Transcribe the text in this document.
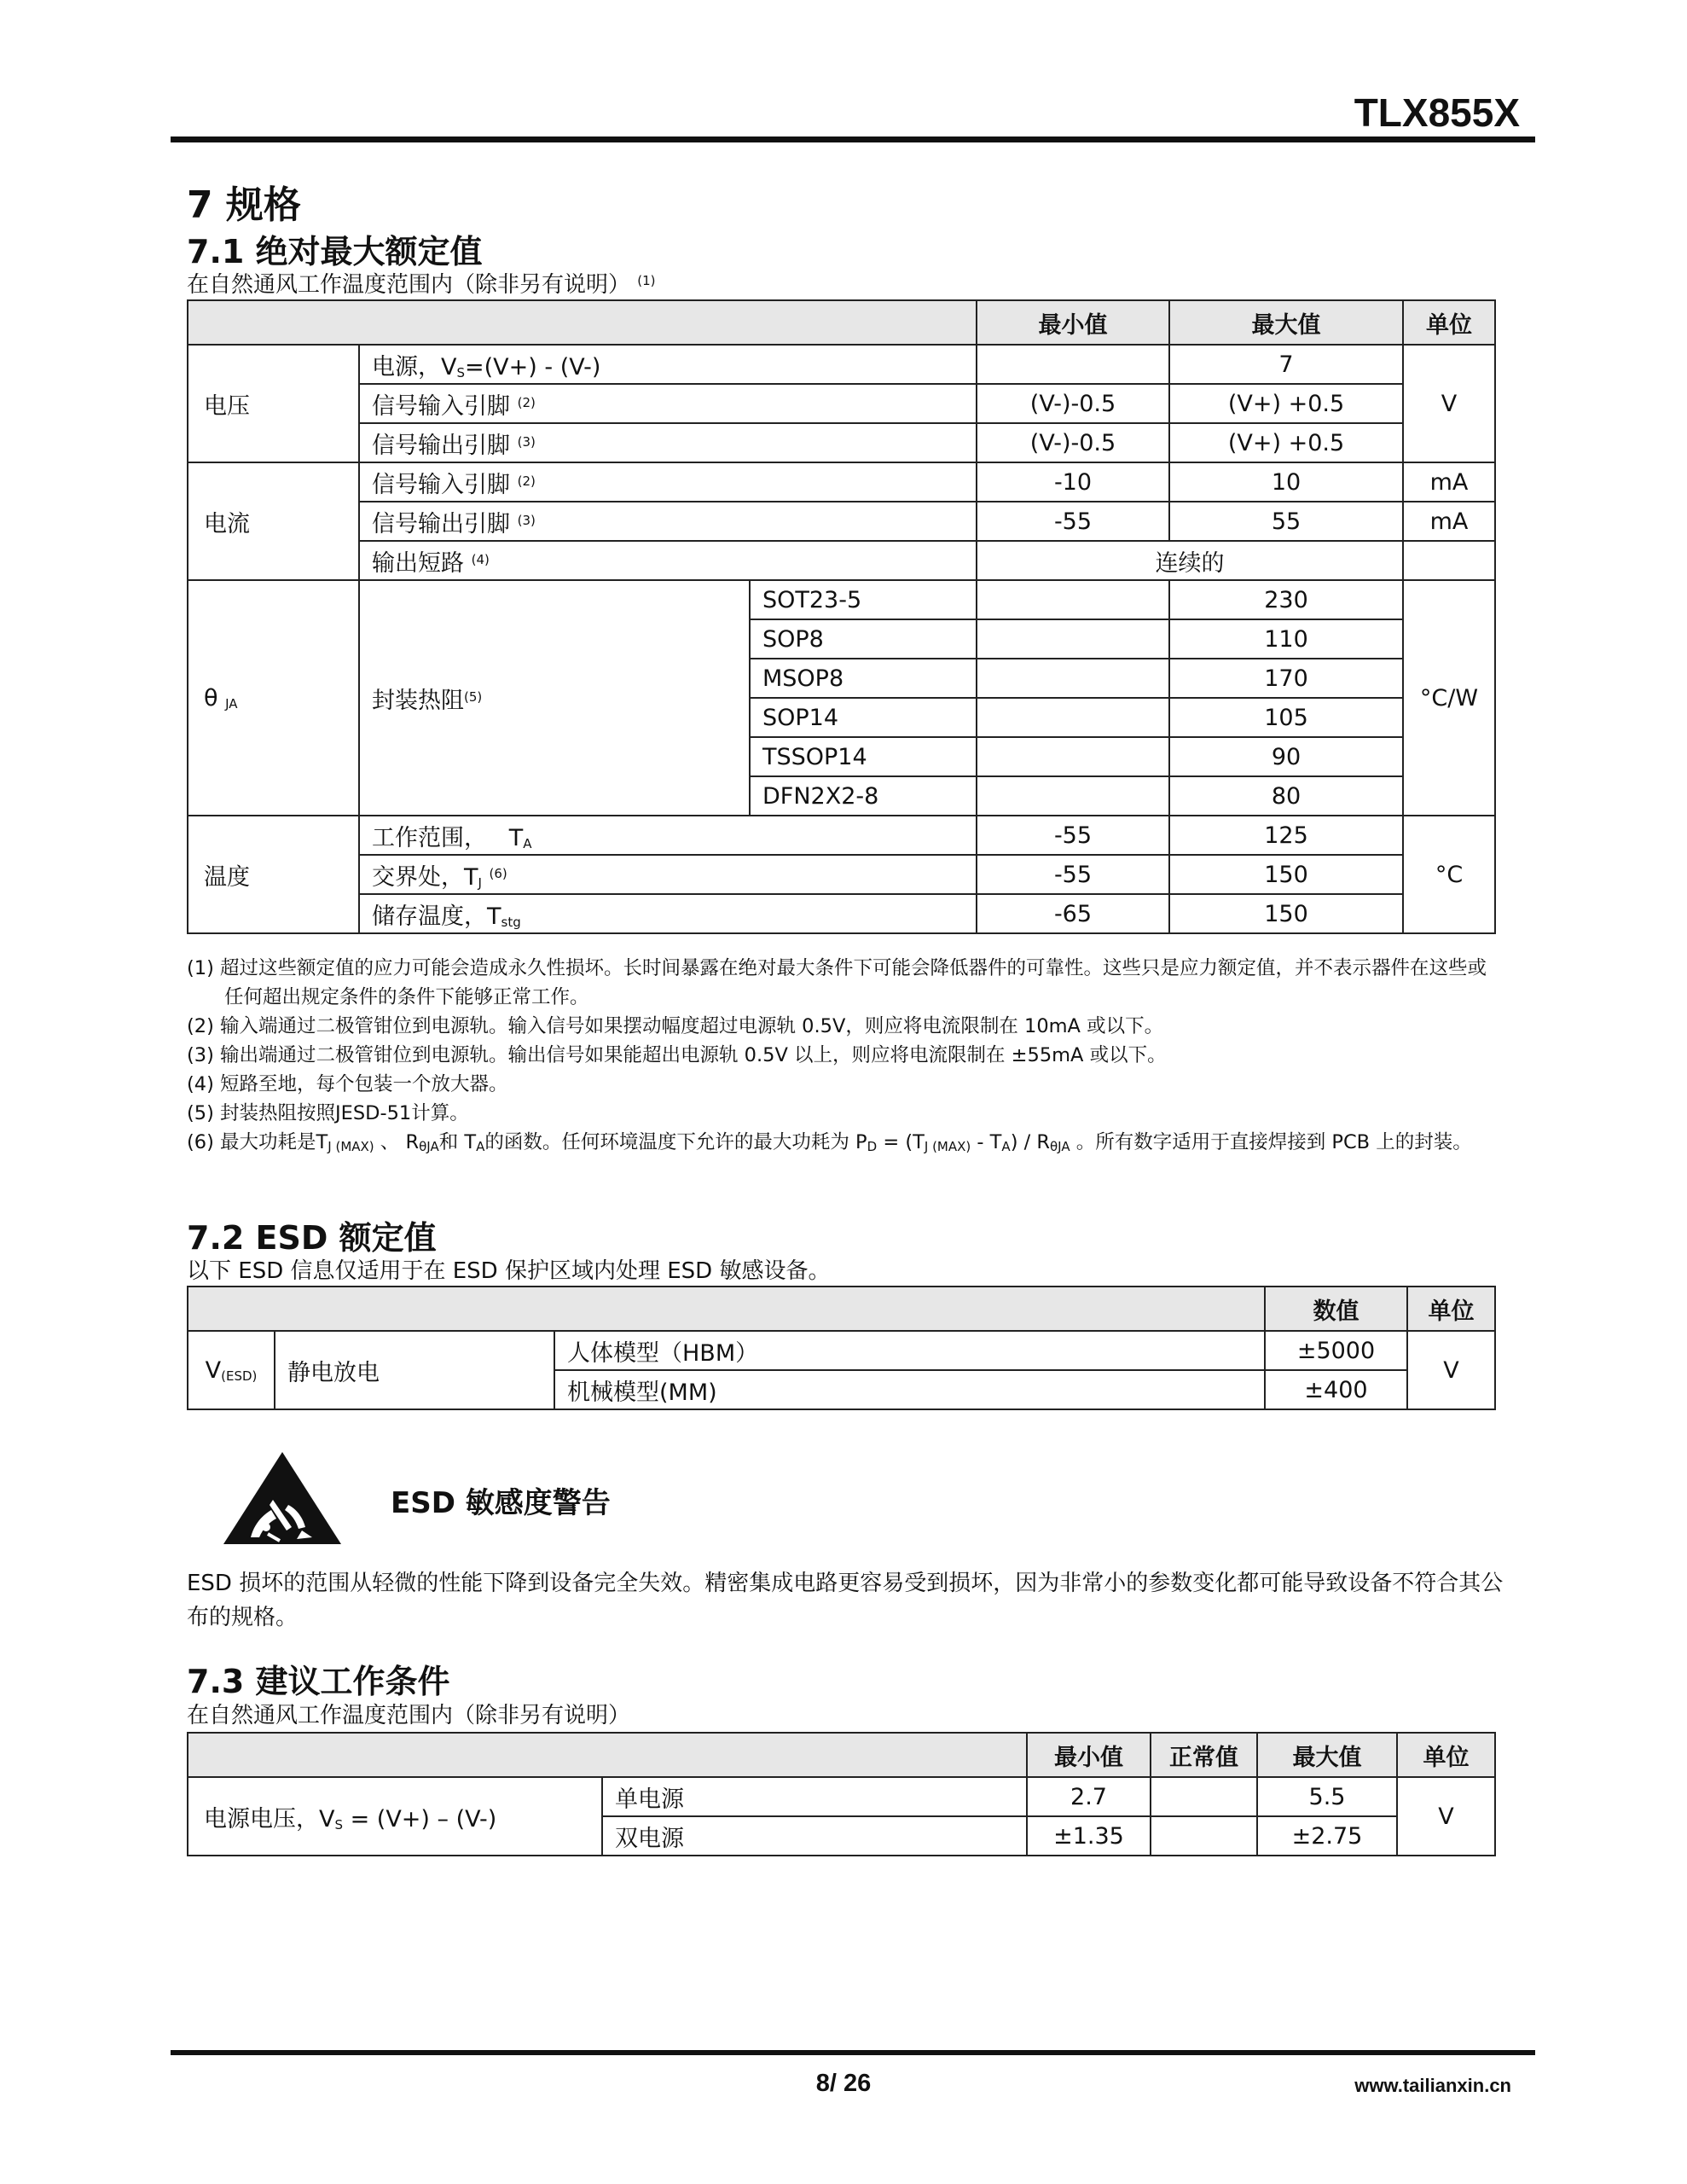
TLX855X
7 规格
7.1 绝对最大额定值
在自然通风工作温度范围内（除非另有说明） $^{(1)}$
			最小值	最大值	单位
电压	电源，$V_S=(V+) - (V-)$			7	V
	信号输入引脚 $^{(2)}$		(V-)-0.5	(V+) +0.5	
	信号输出引脚 $^{(3)}$		(V-)-0.5	(V+) +0.5	
电流	信号输入引脚 $^{(2)}$		-10	10	mA
	信号输出引脚 $^{(3)}$		-55	55	mA
	输出短路 $^{(4)}$		连续的		
θ $_{JA}$	封装热阻$^{(5)}$	SOT23-5		230	°C/W
		SOP8		110	
		MSOP8		170	
		SOP14		105	
		TSSOP14		90	
		DFN2X2-8		80	
温度	工作范围， $T_A$		-55	125	°C
	交界处，$T_J$ $^{(6)}$		-55	150	
	储存温度，$T_{stg}$		-65	150	
(1) 超过这些额定值的应力可能会造成永久性损坏。长时间暴露在绝对最大条件下可能会降低器件的可靠性。这些只是应力额定值，并不表示器件在这些或任何超出规定条件的条件下能够正常工作。
(2) 输入端通过二极管钳位到电源轨。输入信号如果摆动幅度超过电源轨 0.5V，则应将电流限制在 10mA 或以下。
(3) 输出端通过二极管钳位到电源轨。输出信号如果能超出电源轨 0.5V 以上，则应将电流限制在 ±55mA 或以下。
(4) 短路至地，每个包装一个放大器。
(5) 封装热阻按照JESD-51计算。
(6) 最大功耗是$T_{J (MAX)}$ 、 $R_{\theta JA}$和 $T_A$的函数。任何环境温度下允许的最大功耗为 $P_D = (T_{J (MAX)} - T_A) / R_{\theta JA}$ 。所有数字适用于直接焊接到 PCB 上的封装。
7.2 ESD 额定值
以下 ESD 信息仅适用于在 ESD 保护区域内处理 ESD 敏感设备。
			数值	单位
$V_{(ESD)}$	静电放电	人体模型（HBM）	±5000	V
		机械模型(MM)	±400	
ESD 敏感度警告
ESD 损坏的范围从轻微的性能下降到设备完全失效。精密集成电路更容易受到损坏，因为非常小的参数变化都可能导致设备不符合其公布的规格。
7.3 建议工作条件
在自然通风工作温度范围内（除非另有说明）
		最小值	正常值	最大值	单位
电源电压，$V_S = (V+) - (V-)$	单电源	2.7		5.5	V
	双电源	±1.35		±2.75	
8/ 26	www.tailianxin.cn
